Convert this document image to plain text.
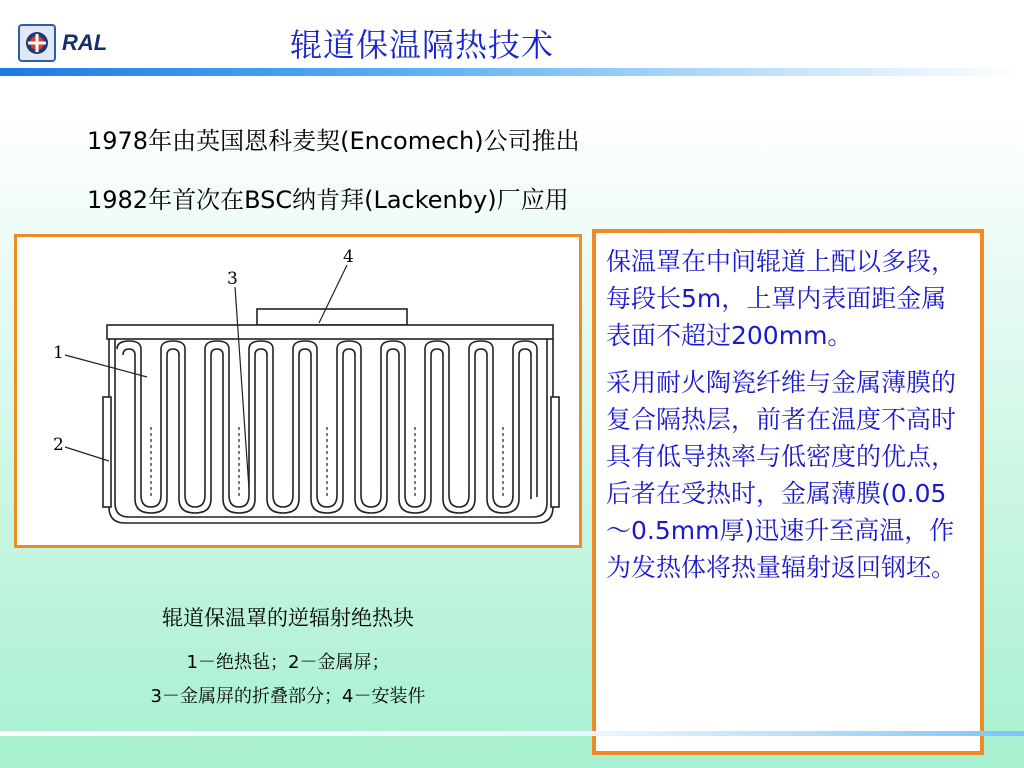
RAL	辊道保温隔热技术
1978年由英国恩科麦契(Encomech)公司推出
1982年首次在BSC纳肯拜(Lackenby)厂应用
1
2
3
4
辊道保温罩的逆辐射绝热块
1－绝热毡；2－金属屏；
3－金属屏的折叠部分；4－安装件

保温罩在中间辊道上配以多段，每段长5m，上罩内表面距金属表面不超过200mm。

采用耐火陶瓷纤维与金属薄膜的复合隔热层，前者在温度不高时具有低导热率与低密度的优点，后者在受热时，金属薄膜(0.05～0.5mm厚)迅速升至高温，作为发热体将热量辐射返回钢坯。
